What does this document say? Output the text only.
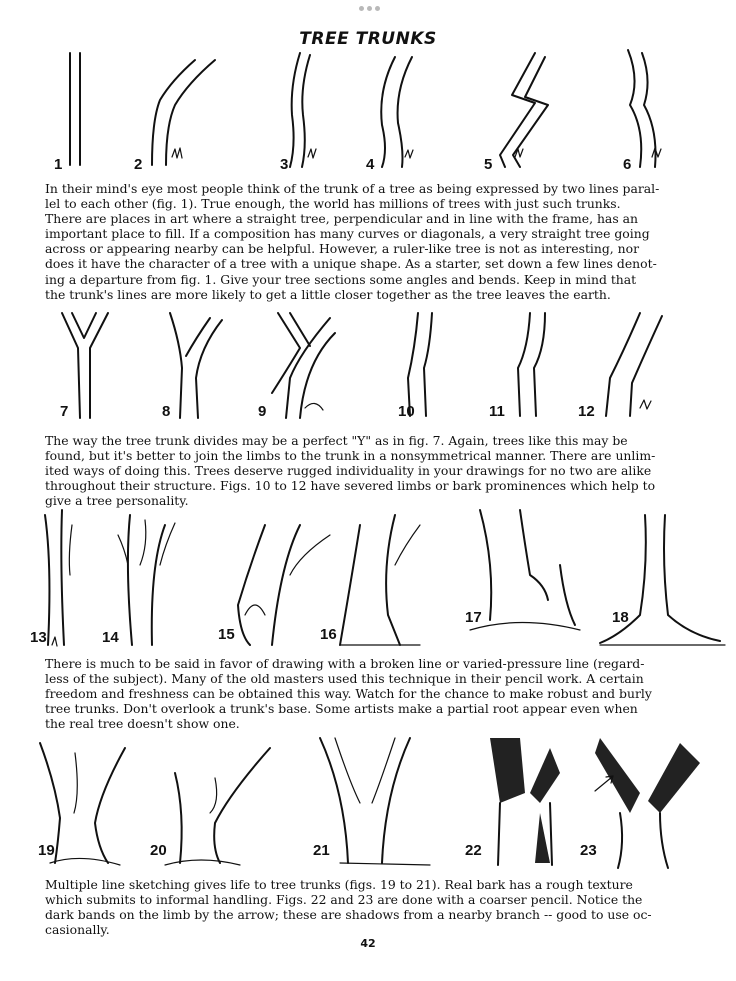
TREE TRUNKS
1	2	3	4	5	6

In their mind's eye most people think of the trunk of a tree as being expressed by two lines paral-
lel to each other (fig. 1). True enough, the world has millions of trees with just such trunks.
There are places in art where a straight tree, perpendicular and in line with the frame, has an
important place to fill. If a composition has many curves or diagonals, a very straight tree going
across or appearing nearby can be helpful. However, a ruler-like tree is not as interesting, nor
does it have the character of a tree with a unique shape. As a starter, set down a few lines denot-
ing a departure from fig. 1. Give your tree sections some angles and bends. Keep in mind that
the trunk's lines are more likely to get a little closer together as the tree leaves the earth.

7	8	9	10	11	12

The way the tree trunk divides may be a perfect "Y" as in fig. 7. Again, trees like this may be
found, but it's better to join the limbs to the trunk in a nonsymmetrical manner. There are unlim-
ited ways of doing this. Trees deserve rugged individuality in your drawings for no two are alike
throughout their structure. Figs. 10 to 12 have severed limbs or bark prominences which help to
give a tree personality.

13	14	15	16
17	18

There is much to be said in favor of drawing with a broken line or varied-pressure line (regard-
less of the subject). Many of the old masters used this technique in their pencil work. A certain
freedom and freshness can be obtained this way. Watch for the chance to make robust and burly
tree trunks. Don't overlook a trunk's base. Some artists make a partial root appear even when
the real tree doesn't show one.

19	20	21	22	23

Multiple line sketching gives life to tree trunks (figs. 19 to 21). Real bark has a rough texture
which submits to informal handling. Figs. 22 and 23 are done with a coarser pencil. Notice the
dark bands on the limb by the arrow; these are shadows from a nearby branch -- good to use oc-
casionally.

42
